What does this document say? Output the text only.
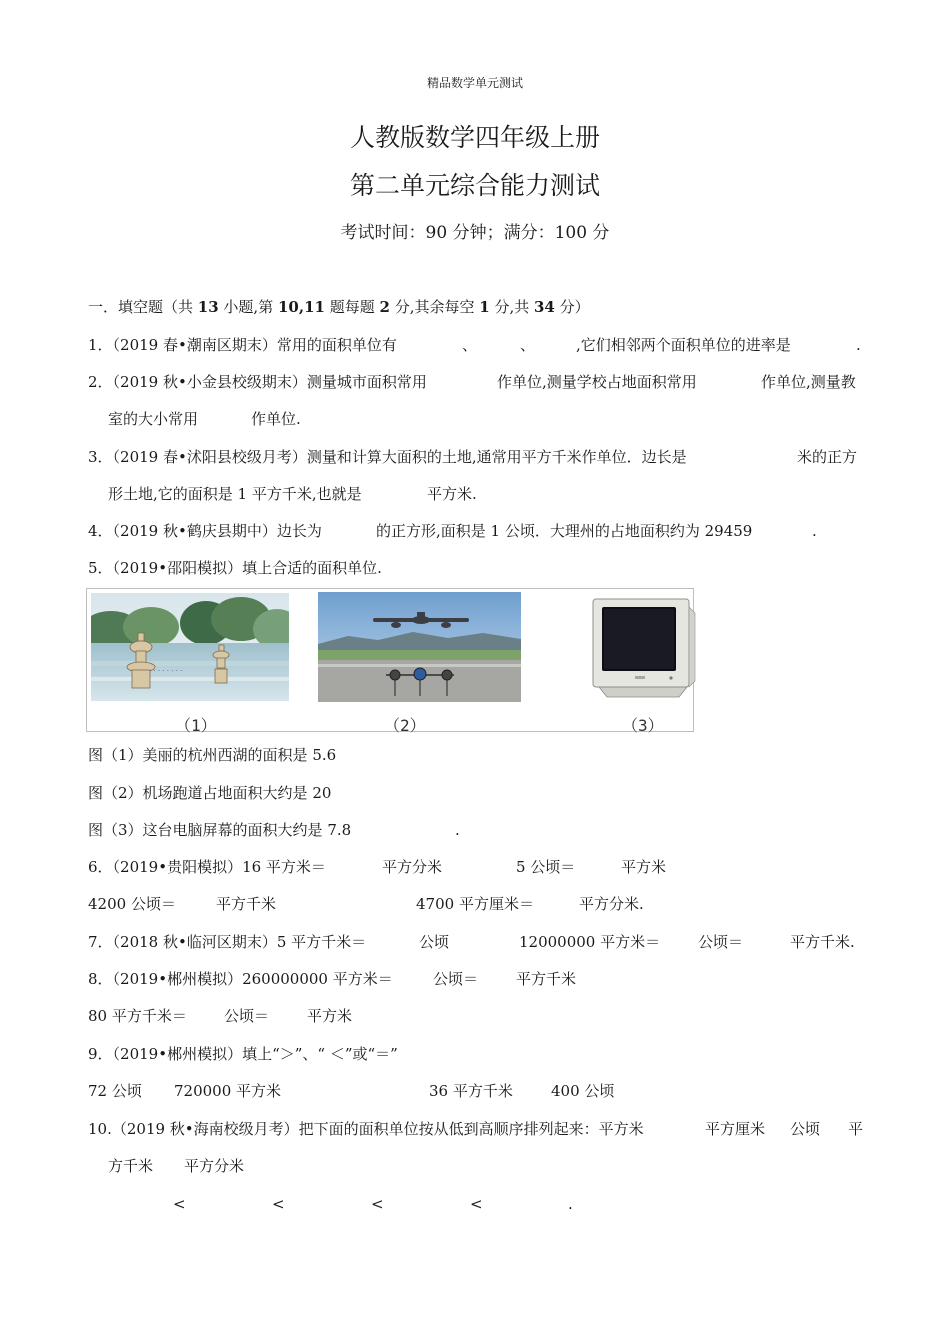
精品数学单元测试
人教版数学四年级上册
第二单元综合能力测试
考试时间：90 分钟；满分：100 分
一．填空题（共 13 小题,第 10,11 题每题 2 分,其余每空 1 分,共 34 分）
1．（2019 春•潮南区期末）常用的面积单位有	、	、	,它们相邻两个面积单位的进率是	.
2．（2019 秋•小金县校级期末）测量城市面积常用	作单位,测量学校占地面积常用	作单位,测量教
室的大小常用	作单位.
3．（2019 春•沭阳县校级月考）测量和计算大面积的土地,通常用平方千米作单位．边长是	米的正方
形土地,它的面积是 1 平方千米,也就是	平方米.
4．（2019 秋•鹤庆县期中）边长为	的正方形,面积是 1 公顷．大理州的占地面积约为 29459	.
5．（2019•邵阳模拟）填上合适的面积单位.
· · · · · · · ·
（1）	（2）	（3）
图（1）美丽的杭州西湖的面积是 5.6
图（2）机场跑道占地面积大约是 20
图（3）这台电脑屏幕的面积大约是 7.8	.
6．（2019•贵阳模拟）16 平方米＝	平方分米	5 公顷＝	平方米
4200 公顷＝	平方千米	4700 平方厘米＝	平方分米.
7．（2018 秋•临河区期末）5 平方千米＝	公顷	12000000 平方米＝	公顷＝	平方千米.
8．（2019•郴州模拟）260000000 平方米＝	公顷＝	平方千米
80 平方千米＝ 公顷＝	平方米
9．（2019•郴州模拟）填上“＞”、“ ＜”或“＝”
72 公顷 720000 平方米	36 平方千米	400 公顷
10.（2019 秋•海南校级月考）把下面的面积单位按从低到高顺序排列起来：平方米	平方厘米 公顷 平
方千米 平方分米
<	<	<	<	.
